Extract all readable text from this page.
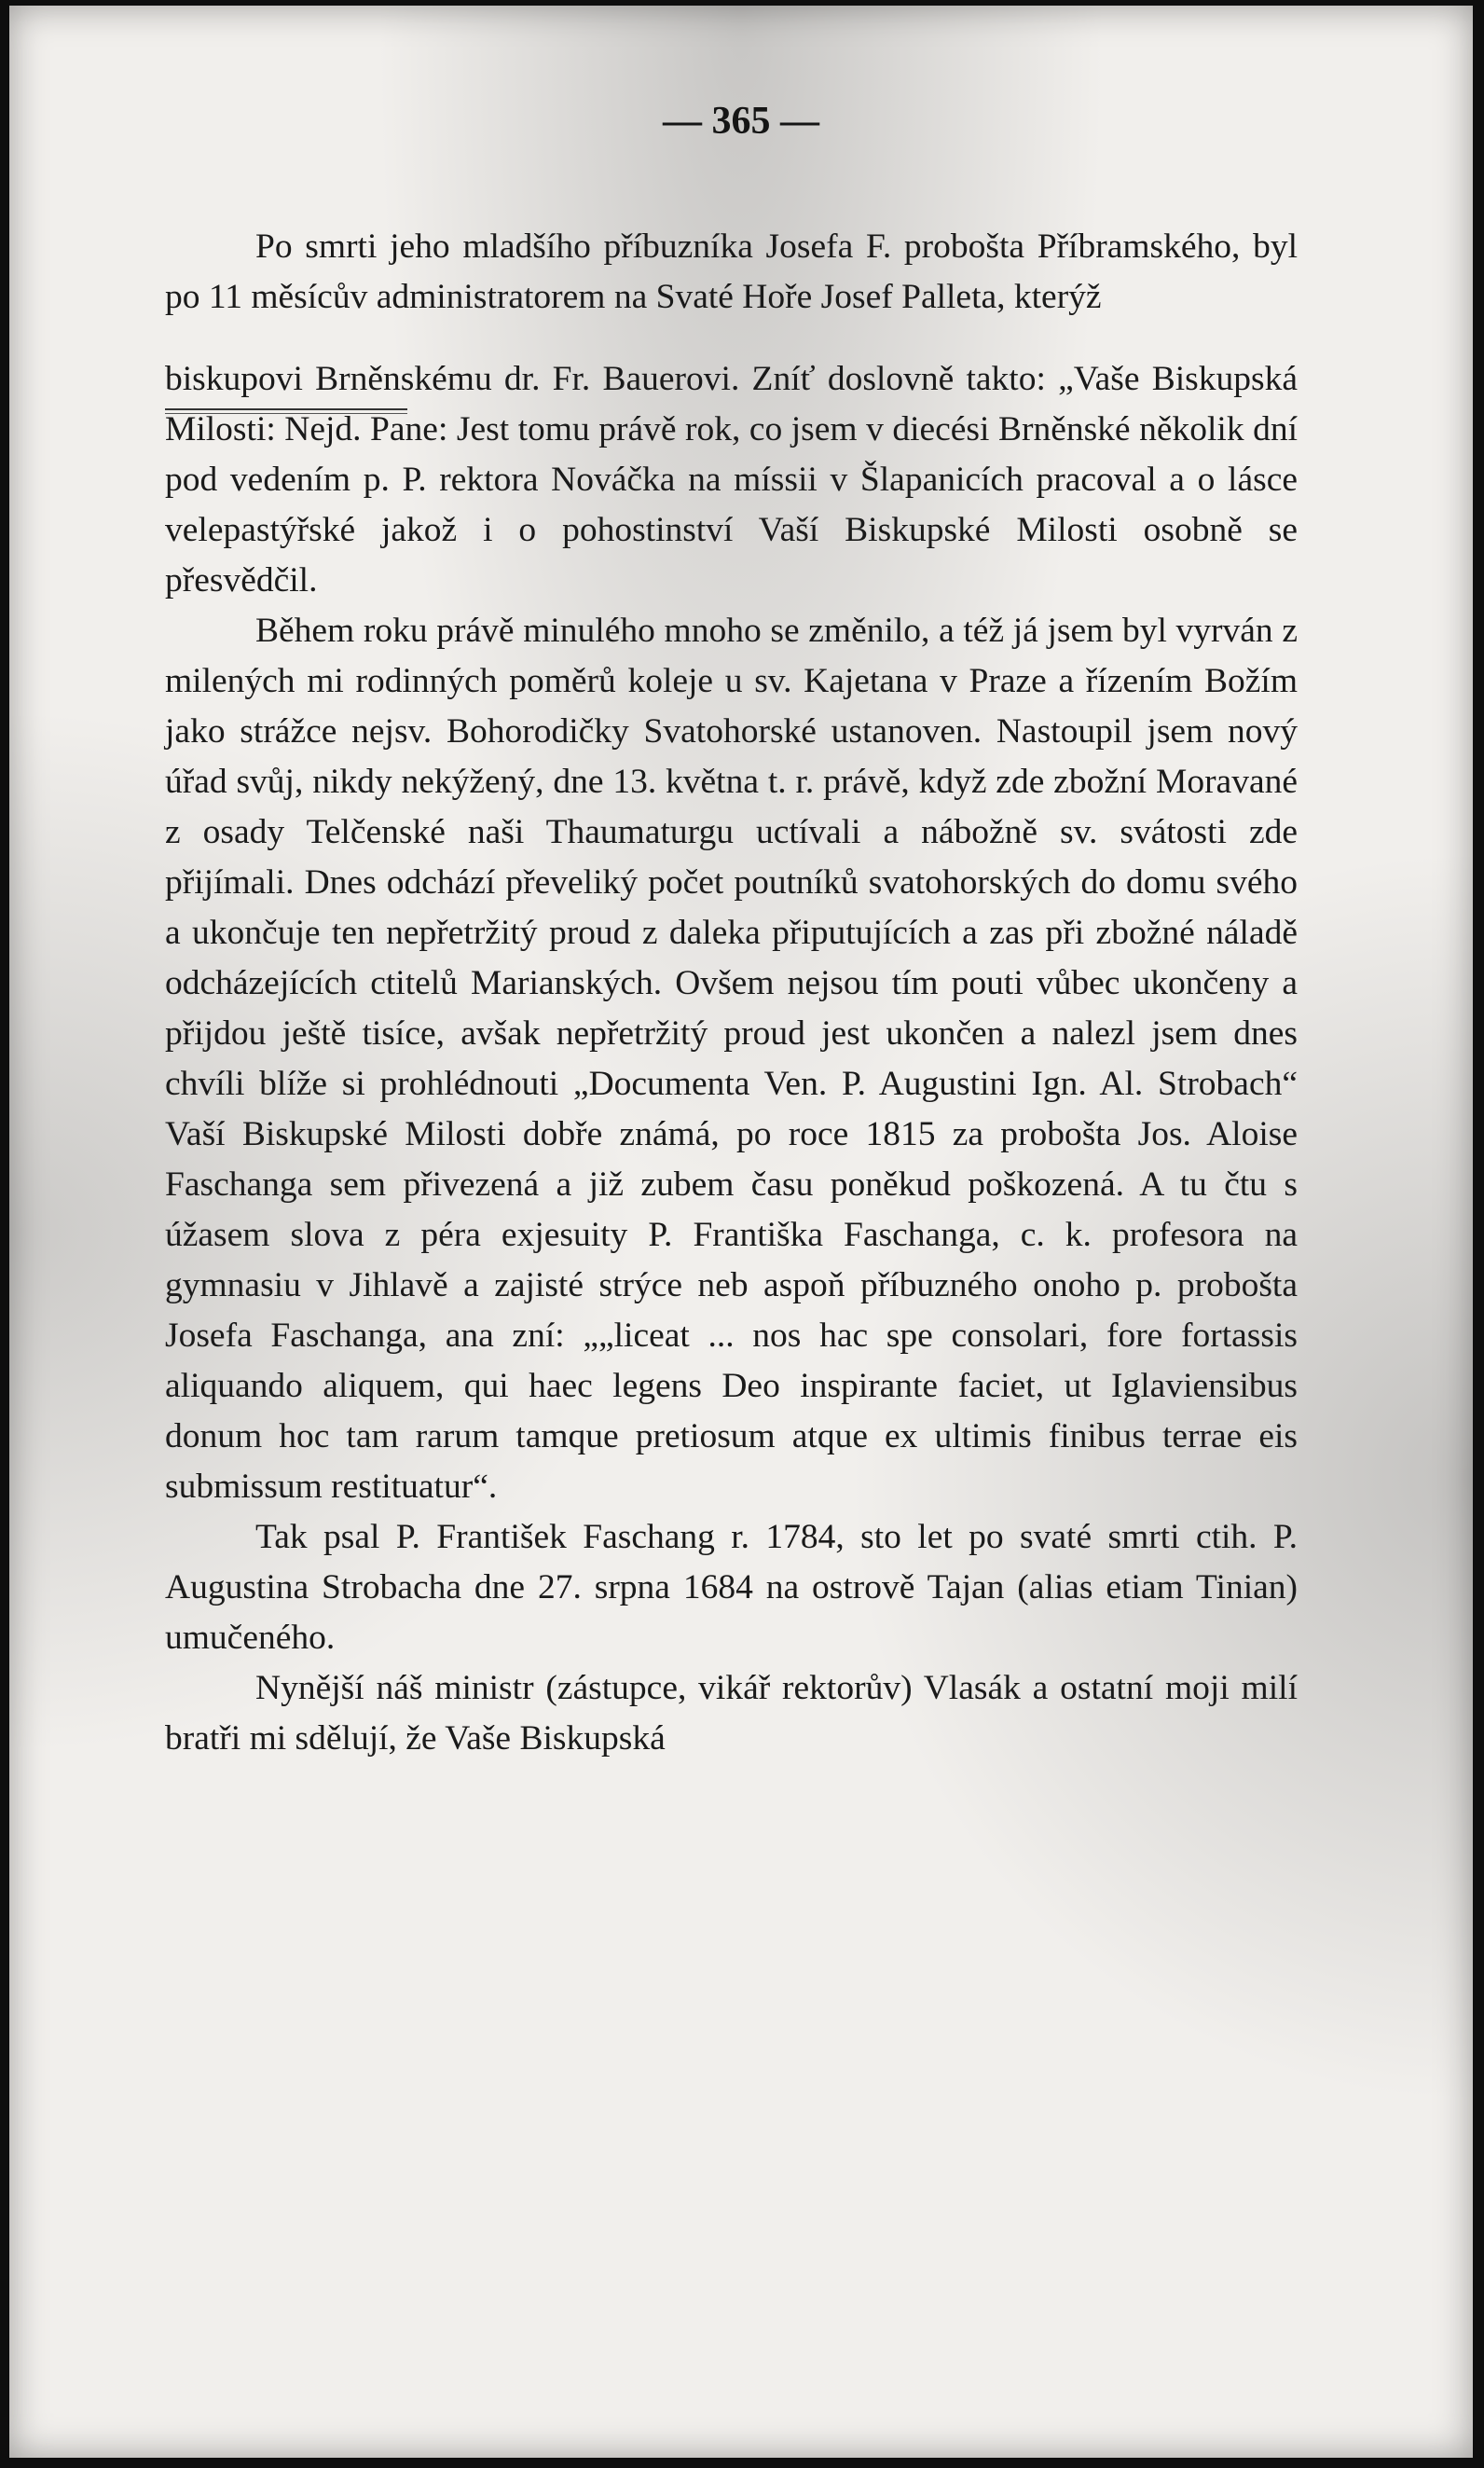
— 365 —

Po smrti jeho mladšího příbuzníka Josefa F. proboštа Příbramského, byl po 11 měsícův administratorem na Svaté Hoře Josef Palleta, kterýž

biskupovi Brněnskému dr. Fr. Bauerovi. Zníť doslovně takto: „Vaše Biskupská Milosti: Nejd. Pane: Jest tomu právě rok, co jsem v diecési Brněnské několik dní pod vedením p. P. rektora Nováčka na míssii v Šlapanicích pracoval a o lásce velepastýřské jakož i o pohostinství Vaší Biskupské Milosti osobně se přesvědčil.

Během roku právě minulého mnoho se změnilo, a též já jsem byl vyrván z milených mi rodinných poměrů koleje u sv. Kajetana v Praze a řízením Božím jako strážce nejsv. Bohorodičky Svatohorské ustanoven. Nastoupil jsem nový úřad svůj, nikdy nekýžený, dne 13. května t. r. právě, když zde zbožní Moravané z osady Telčenské naši Thaumaturgu uctívali a nábožně sv. svátosti zde přijímali. Dnes odchází převeliký počet poutníků svatohorských do domu svého a ukončuje ten nepřetržitý proud z daleka připutujících a zas při zbožné náladě odcházejících ctitelů Marianských. Ovšem nejsou tím pouti vůbec ukončeny a přijdou ještě tisíce, avšak nepřetržitý proud jest ukončen a nalezl jsem dnes chvíli blíže si prohlédnouti „Documenta Ven. P. Augustini Ign. Al. Strobach“ Vaší Biskupské Milosti dobře známá, po roce 1815 za probošta Jos. Aloise Faschanga sem přivezená a již zubem času poněkud poškozená. A tu čtu s úžasem slova z péra exjesuity P. Františka Faschanga, c. k. profesora na gymnasiu v Jihlavě a zajisté strýce neb aspoň příbuzného onoho p. probošta Josefa Faschanga, ana zní: „„liceat ... nos hac spe consolari, fore fortassis aliquando aliquem, qui haec legens Deo inspirante faciet, ut Iglaviensibus donum hoc tam rarum tamque pretiosum atque ex ultimis finibus terrae eis submissum restituatur“.

Tak psal P. František Faschang r. 1784, sto let po svaté smrti ctih. P. Augustina Strobacha dne 27. srpna 1684 na ostrově Tajan (alias etiam Tinian) umučeného.

Nynější náš ministr (zástupce, vikář rektorův) Vlasák a ostatní moji milí bratři mi sdělují, že Vaše Biskupská
